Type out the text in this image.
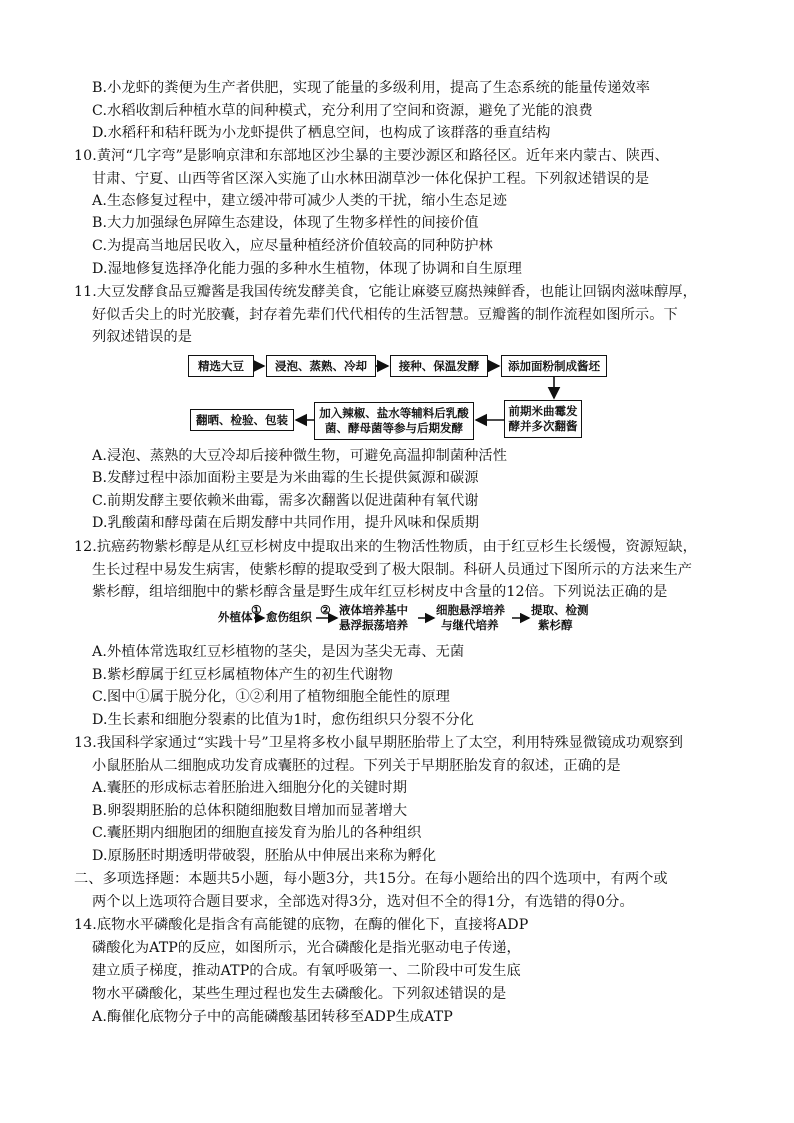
B.小龙虾的粪便为生产者供肥，实现了能量的多级利用，提高了生态系统的能量传递效率
C.水稻收割后种植水草的间种模式，充分利用了空间和资源，避免了光能的浪费
D.水稻秆和秸秆既为小龙虾提供了栖息空间，也构成了该群落的垂直结构
10.黄河“几字弯”是影响京津和东部地区沙尘暴的主要沙源区和路径区。近年来内蒙古、陕西、
甘肃、宁夏、山西等省区深入实施了山水林田湖草沙一体化保护工程。下列叙述错误的是
A.生态修复过程中，建立缓冲带可减少人类的干扰，缩小生态足迹
B.大力加强绿色屏障生态建设，体现了生物多样性的间接价值
C.为提高当地居民收入，应尽量种植经济价值较高的同种防护林
D.湿地修复选择净化能力强的多种水生植物，体现了协调和自生原理
11.大豆发酵食品豆瓣酱是我国传统发酵美食，它能让麻婆豆腐热辣鲜香，也能让回锅肉滋味醇厚，
好似舌尖上的时光胶囊，封存着先辈们代代相传的生活智慧。豆瓣酱的制作流程如图所示。下
列叙述错误的是
精选大豆	浸泡、蒸熟、冷却	接种、保温发酵	添加面粉制成酱坯
前期米曲霉发酵并多次翻酱
加入辣椒、盐水等辅料后乳酸菌、酵母菌等参与后期发酵
翻晒、检验、包装
A.浸泡、蒸熟的大豆冷却后接种微生物，可避免高温抑制菌种活性
B.发酵过程中添加面粉主要是为米曲霉的生长提供氮源和碳源
C.前期发酵主要依赖米曲霉，需多次翻酱以促进菌种有氧代谢
D.乳酸菌和酵母菌在后期发酵中共同作用，提升风味和保质期
12.抗癌药物紫杉醇是从红豆杉树皮中提取出来的生物活性物质，由于红豆杉生长缓慢，资源短缺，
生长过程中易发生病害，使紫杉醇的提取受到了极大限制。科研人员通过下图所示的方法来生产
紫杉醇，组培细胞中的紫杉醇含量是野生成年红豆杉树皮中含量的12倍。下列说法正确的是
外植体
① 愈伤组织 ② 液体培养基中
悬浮振荡培养
细胞悬浮培养
与继代培养
提取、检测
紫杉醇
A.外植体常选取红豆杉植物的茎尖，是因为茎尖无毒、无菌
B.紫杉醇属于红豆杉属植物体产生的初生代谢物
C.图中①属于脱分化，①②利用了植物细胞全能性的原理
D.生长素和细胞分裂素的比值为1时，愈伤组织只分裂不分化
13.我国科学家通过“实践十号”卫星将多枚小鼠早期胚胎带上了太空，利用特殊显微镜成功观察到
小鼠胚胎从二细胞成功发育成囊胚的过程。下列关于早期胚胎发育的叙述，正确的是
A.囊胚的形成标志着胚胎进入细胞分化的关键时期
B.卵裂期胚胎的总体积随细胞数目增加而显著增大
C.囊胚期内细胞团的细胞直接发育为胎儿的各种组织
D.原肠胚时期透明带破裂，胚胎从中伸展出来称为孵化
二、多项选择题：本题共5小题，每小题3分，共15分。在每小题给出的四个选项中，有两个或
两个以上选项符合题目要求，全部选对得3分，选对但不全的得1分，有选错的得0分。
14.底物水平磷酸化是指含有高能键的底物，在酶的催化下，直接将ADP
磷酸化为ATP的反应，如图所示，光合磷酸化是指光驱动电子传递，
建立质子梯度，推动ATP的合成。有氧呼吸第一、二阶段中可发生底
物水平磷酸化，某些生理过程也发生去磷酸化。下列叙述错误的是
A.酶催化底物分子中的高能磷酸基团转移至ADP生成ATP
